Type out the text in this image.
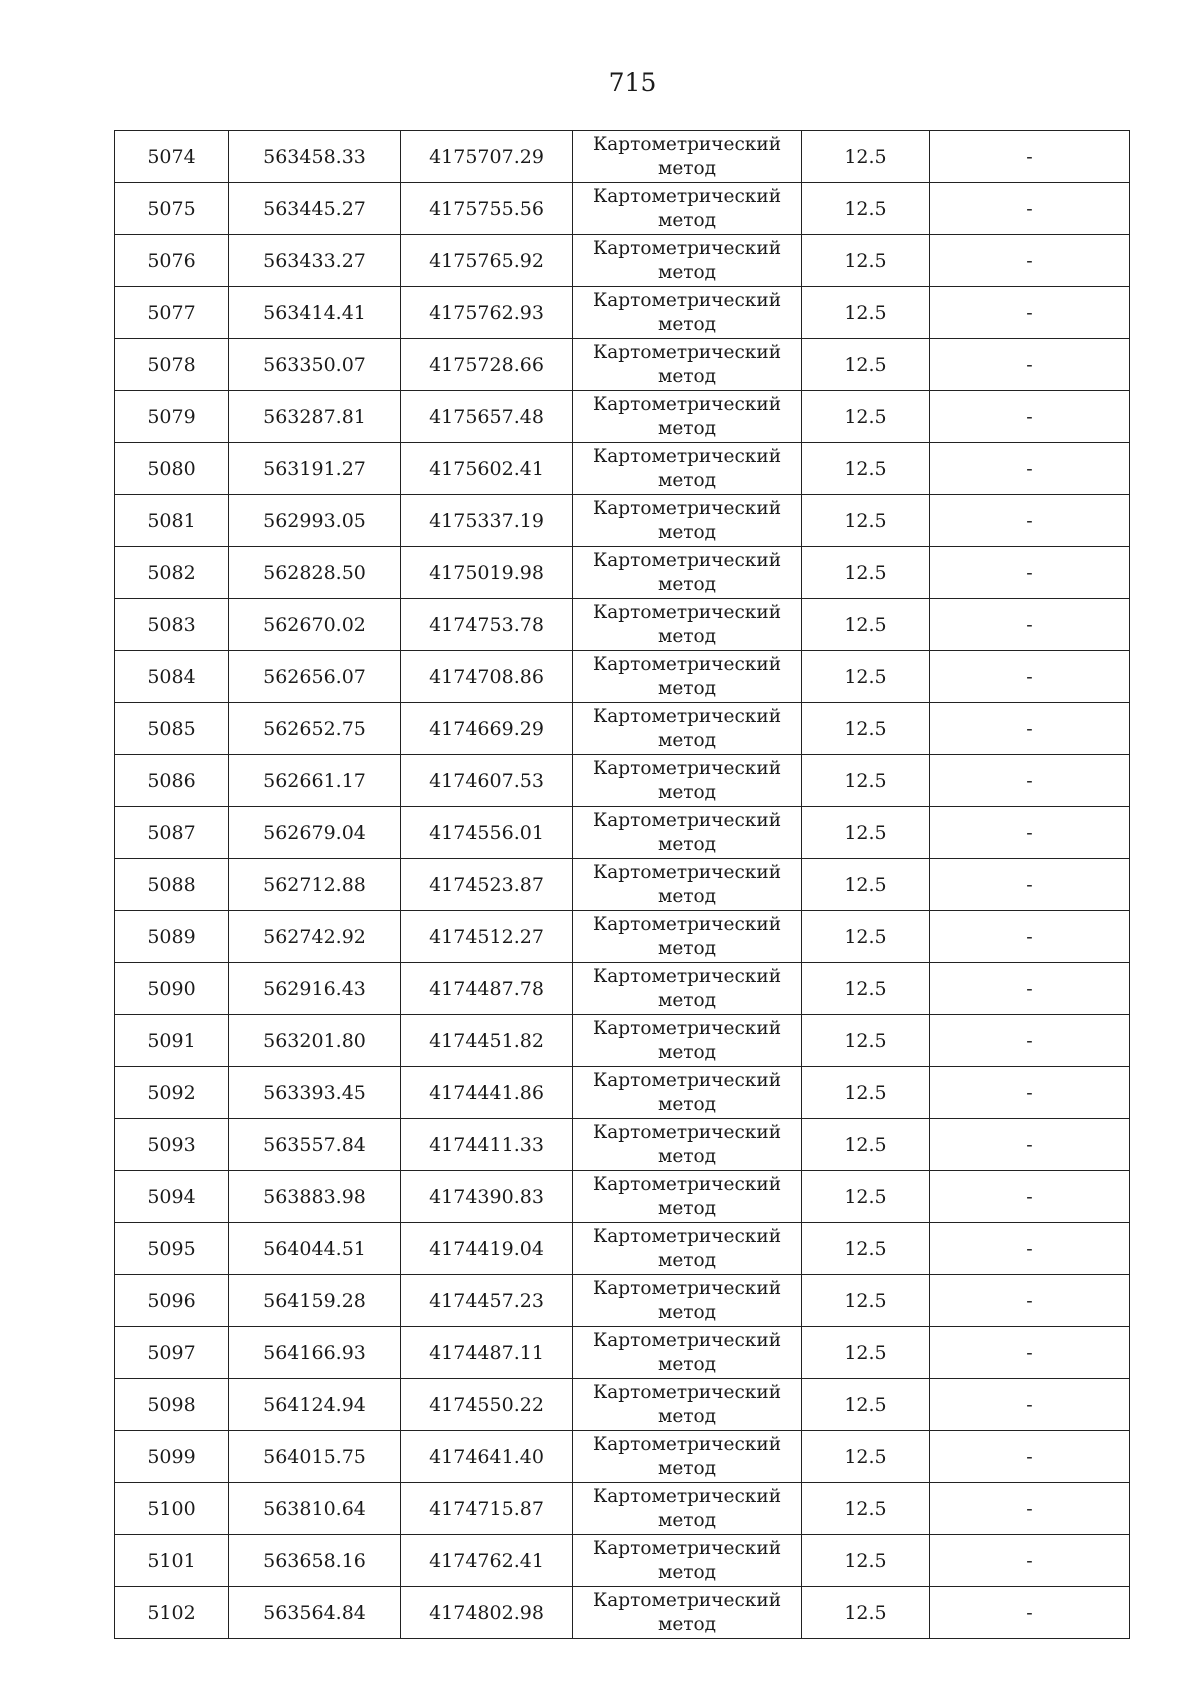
715
5074	563458.33	4175707.29	Картометрический метод	12.5	-
5075	563445.27	4175755.56	Картометрический метод	12.5	-
5076	563433.27	4175765.92	Картометрический метод	12.5	-
5077	563414.41	4175762.93	Картометрический метод	12.5	-
5078	563350.07	4175728.66	Картометрический метод	12.5	-
5079	563287.81	4175657.48	Картометрический метод	12.5	-
5080	563191.27	4175602.41	Картометрический метод	12.5	-
5081	562993.05	4175337.19	Картометрический метод	12.5	-
5082	562828.50	4175019.98	Картометрический метод	12.5	-
5083	562670.02	4174753.78	Картометрический метод	12.5	-
5084	562656.07	4174708.86	Картометрический метод	12.5	-
5085	562652.75	4174669.29	Картометрический метод	12.5	-
5086	562661.17	4174607.53	Картометрический метод	12.5	-
5087	562679.04	4174556.01	Картометрический метод	12.5	-
5088	562712.88	4174523.87	Картометрический метод	12.5	-
5089	562742.92	4174512.27	Картометрический метод	12.5	-
5090	562916.43	4174487.78	Картометрический метод	12.5	-
5091	563201.80	4174451.82	Картометрический метод	12.5	-
5092	563393.45	4174441.86	Картометрический метод	12.5	-
5093	563557.84	4174411.33	Картометрический метод	12.5	-
5094	563883.98	4174390.83	Картометрический метод	12.5	-
5095	564044.51	4174419.04	Картометрический метод	12.5	-
5096	564159.28	4174457.23	Картометрический метод	12.5	-
5097	564166.93	4174487.11	Картометрический метод	12.5	-
5098	564124.94	4174550.22	Картометрический метод	12.5	-
5099	564015.75	4174641.40	Картометрический метод	12.5	-
5100	563810.64	4174715.87	Картометрический метод	12.5	-
5101	563658.16	4174762.41	Картометрический метод	12.5	-
5102	563564.84	4174802.98	Картометрический метод	12.5	-
